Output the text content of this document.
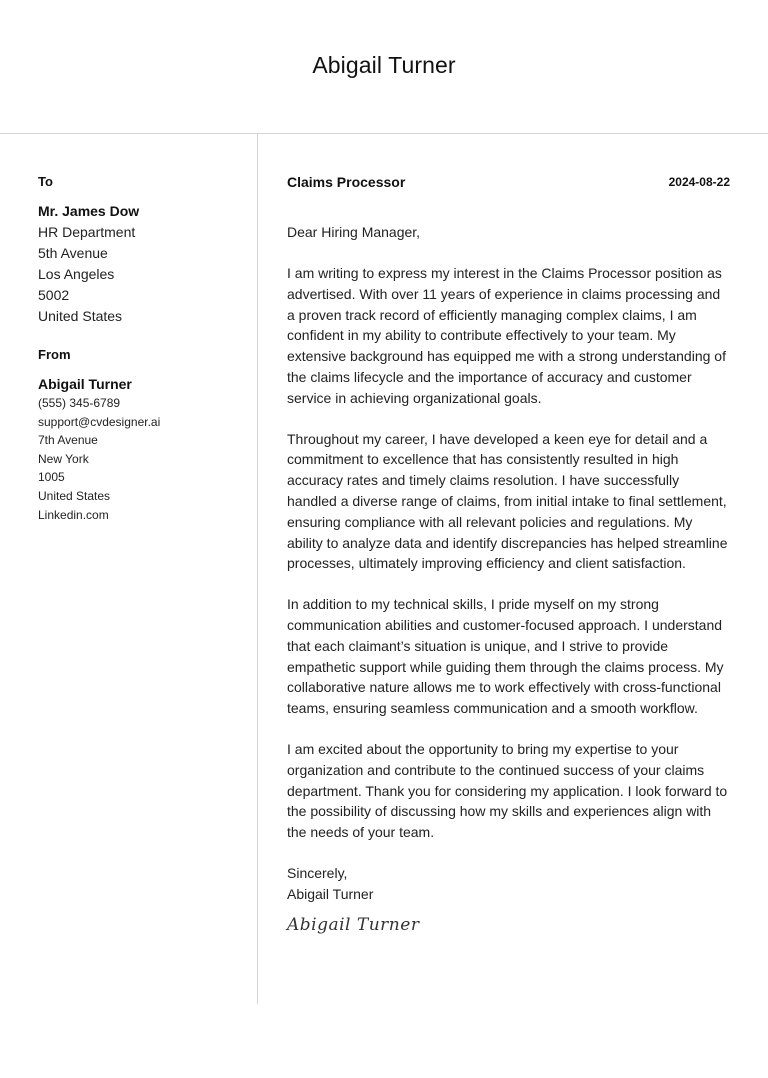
Abigail Turner
To
Mr. James Dow
HR Department
5th Avenue
Los Angeles
5002
United States
From
Abigail Turner
(555) 345-6789
support@cvdesigner.ai
7th Avenue
New York
1005
United States
Linkedin.com
Claims Processor	2024-08-22
Dear Hiring Manager,
I am writing to express my interest in the Claims Processor position as advertised. With over 11 years of experience in claims processing and a proven track record of efficiently managing complex claims, I am confident in my ability to contribute effectively to your team. My extensive background has equipped me with a strong understanding of the claims lifecycle and the importance of accuracy and customer service in achieving organizational goals.
Throughout my career, I have developed a keen eye for detail and a commitment to excellence that has consistently resulted in high accuracy rates and timely claims resolution. I have successfully handled a diverse range of claims, from initial intake to final settlement, ensuring compliance with all relevant policies and regulations. My ability to analyze data and identify discrepancies has helped streamline processes, ultimately improving efficiency and client satisfaction.
In addition to my technical skills, I pride myself on my strong communication abilities and customer-focused approach. I understand that each claimant’s situation is unique, and I strive to provide empathetic support while guiding them through the claims process. My collaborative nature allows me to work effectively with cross-functional teams, ensuring seamless communication and a smooth workflow.
I am excited about the opportunity to bring my expertise to your organization and contribute to the continued success of your claims department. Thank you for considering my application. I look forward to the possibility of discussing how my skills and experiences align with the needs of your team.
Sincerely,
Abigail Turner
Abigail Turner
